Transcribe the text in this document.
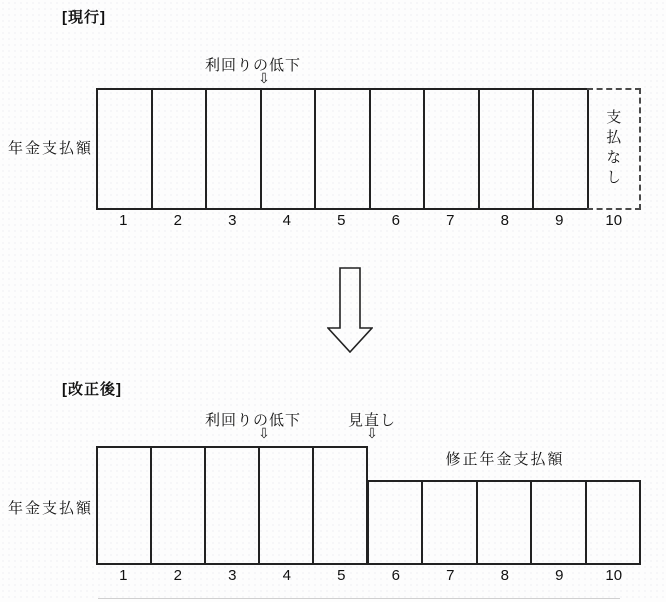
[現行]
利回りの低下
⇩
年金支払額	支払なし
1	2	3	4	5	6	7	8	9	10
[改正後]
利回りの低下
⇩
見直し
⇩
修正年金支払額
年金支払額
1	2	3	4	5	6	7	8	9	10
